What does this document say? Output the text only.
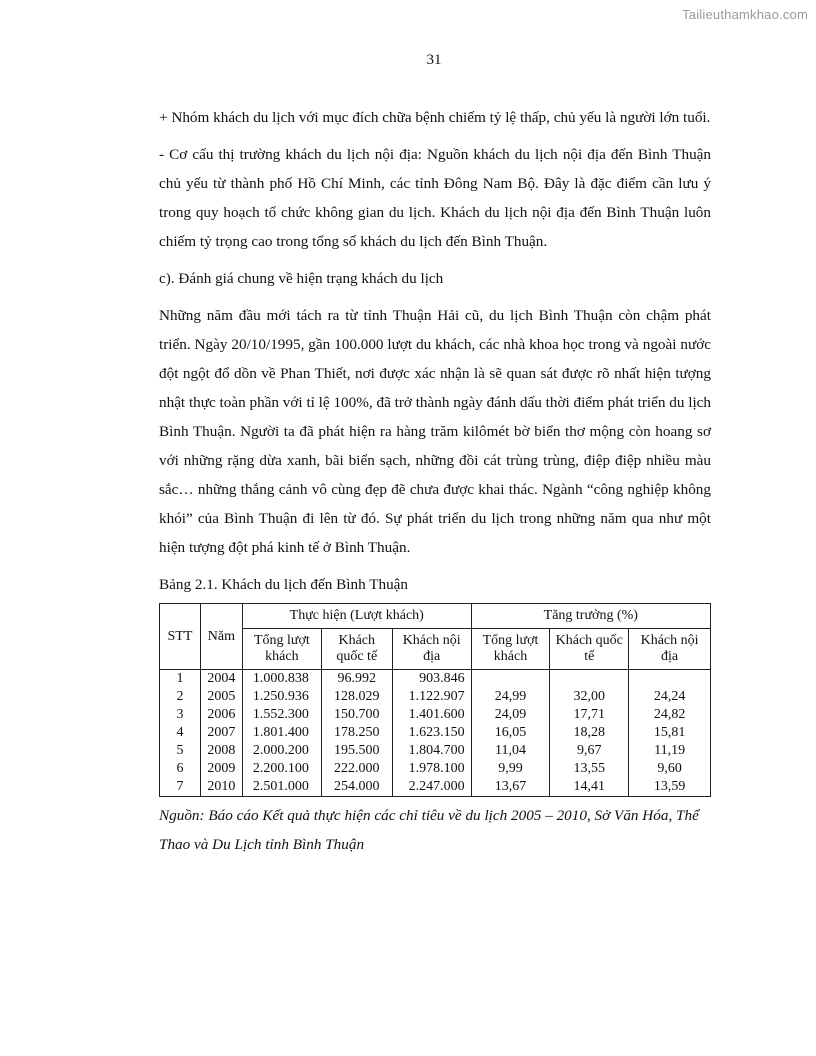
Tailieuthamkhao.com
31

+ Nhóm khách du lịch với mục đích chữa bệnh chiếm tỷ lệ thấp, chủ yếu là người lớn tuổi.

- Cơ cấu thị trường khách du lịch nội địa: Nguồn khách du lịch nội địa đến Bình Thuận chủ yếu từ thành phố Hồ Chí Minh, các tỉnh Đông Nam Bộ. Đây là đặc điểm cần lưu ý trong quy hoạch tổ chức không gian du lịch. Khách du lịch nội địa đến Bình Thuận luôn chiếm tỷ trọng cao trong tổng số khách du lịch đến Bình Thuận.

c). Đánh giá chung về hiện trạng khách du lịch

Những năm đầu mới tách ra từ tỉnh Thuận Hải cũ, du lịch Bình Thuận còn chậm phát triển. Ngày 20/10/1995, gần 100.000 lượt du khách, các nhà khoa học trong và ngoài nước đột ngột đổ dồn về Phan Thiết, nơi được xác nhận là sẽ quan sát được rõ nhất hiện tượng nhật thực toàn phần với tỉ lệ 100%, đã trở thành ngày đánh dấu thời điểm phát triển du lịch Bình Thuận. Người ta đã phát hiện ra hàng trăm kilômét bờ biển thơ mộng còn hoang sơ với những rặng dừa xanh, bãi biển sạch, những đồi cát trùng trùng, điệp điệp nhiều màu sắc… những thắng cảnh vô cùng đẹp đẽ chưa được khai thác. Ngành “công nghiệp không khói” của Bình Thuận đi lên từ đó. Sự phát triển du lịch trong những năm qua như một hiện tượng đột phá kinh tế ở Bình Thuận.

Bảng 2.1. Khách du lịch đến Bình Thuận

STT	Năm	Thực hiện (Lượt khách)			Tăng trưởng (%)		
		Tổng lượt khách	Khách quốc tế	Khách nội địa	Tổng lượt khách	Khách quốc tế	Khách nội địa
1	2004	1.000.838	96.992	903.846			
2	2005	1.250.936	128.029	1.122.907	24,99	32,00	24,24
3	2006	1.552.300	150.700	1.401.600	24,09	17,71	24,82
4	2007	1.801.400	178.250	1.623.150	16,05	18,28	15,81
5	2008	2.000.200	195.500	1.804.700	11,04	9,67	11,19
6	2009	2.200.100	222.000	1.978.100	9,99	13,55	9,60
7	2010	2.501.000	254.000	2.247.000	13,67	14,41	13,59

Nguồn: Báo cáo Kết quả thực hiện các chỉ tiêu về du lịch 2005 – 2010, Sở Văn Hóa, Thể Thao và Du Lịch tỉnh Bình Thuận
